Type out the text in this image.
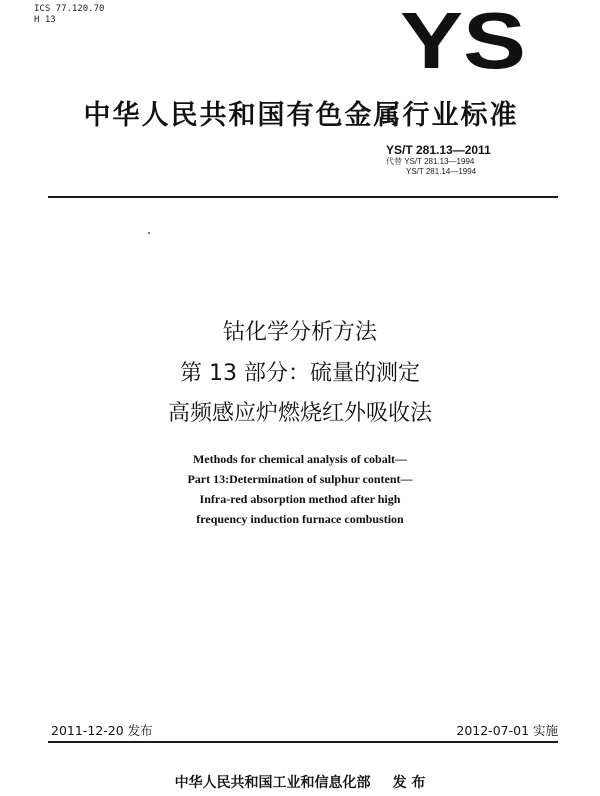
ICS 77.120.70
H 13	YS
中华人民共和国有色金属行业标准
YS/T 281.13—2011
代替 YS/T 281.13—1994
YS/T 281.14—1994
钴化学分析方法
第 13 部分：硫量的测定
高频感应炉燃烧红外吸收法
Methods for chemical analysis of cobalt—
Part 13:Determination of sulphur content—
Infra-red absorption method after high
frequency induction furnace combustion
2011-12-20 发布	2012-07-01 实施
中华人民共和国工业和信息化部 发 布
